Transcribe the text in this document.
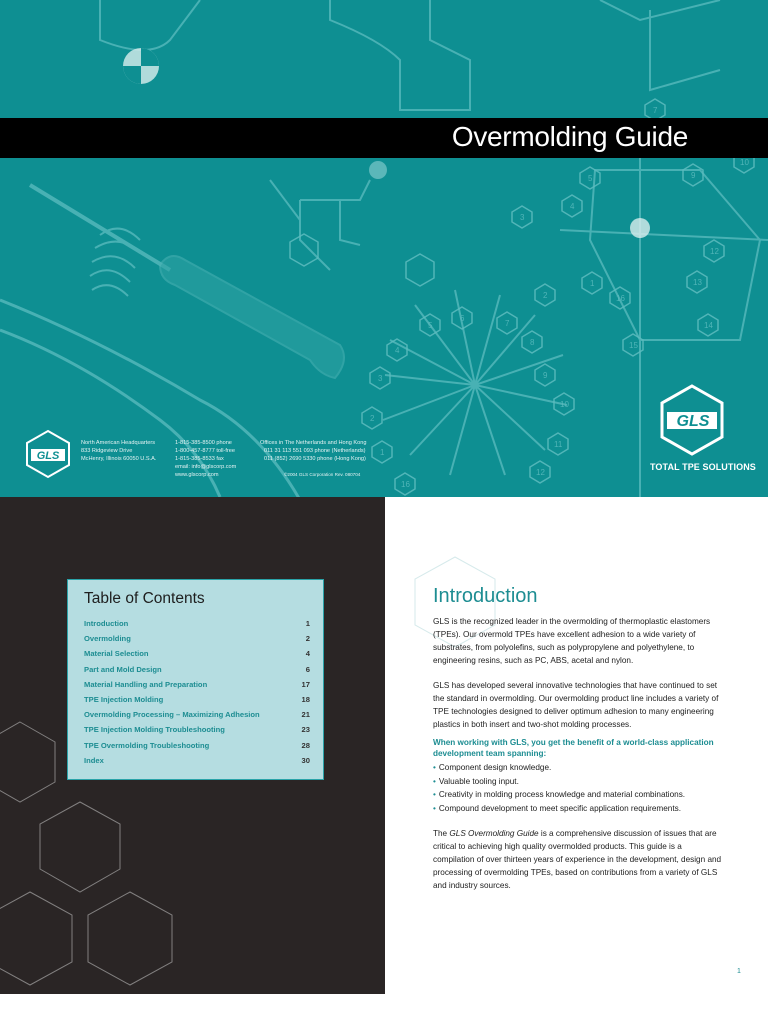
3
4
5
6
7
8
9
10
11
12
2
1
16
3
4
5
2
1
16
15
14
13
12
10
9
7
Overmolding Guide
GLS
North American Headquarters
833 Ridgeview Drive
McHenry, Illinois 60050 U.S.A.
1-815-385-8500 phone
1-800-457-8777 toll-free
1-815-385-8533 fax
email: info@glscorp.com
www.glscorp.com
Offices in The Netherlands and Hong Kong
011 31 113 551 093 phone (Netherlands)
011 (852) 2690 5330 phone (Hong Kong)
©2004 GLS Corporation Rev. 080704
GLS
TOTAL TPE SOLUTIONS
Table of Contents
Introduction	1
Overmolding	2
Material Selection	4
Part and Mold Design	6
Material Handling and Preparation	17
TPE Injection Molding	18
Overmolding Processing – Maximizing Adhesion	21
TPE Injection Molding Troubleshooting	23
TPE Overmolding Troubleshooting	28
Index	30
Introduction
GLS is the recognized leader in the overmolding of thermoplastic elastomers (TPEs). Our overmold TPEs have excellent adhesion to a wide variety of substrates, from polyolefins, such as polypropylene and polyethylene, to engineering resins, such as PC, ABS, acetal and nylon.
GLS has developed several innovative technologies that have continued to set the standard in overmolding. Our overmolding product line includes a variety of TPE technologies designed to deliver optimum adhesion to many engineering plastics in both insert and two-shot molding processes.
When working with GLS, you get the benefit of a world-class application development team spanning:
• Component design knowledge.
• Valuable tooling input.
• Creativity in molding process knowledge and material combinations.
• Compound development to meet specific application requirements.
The GLS Overmolding Guide is a comprehensive discussion of issues that are critical to achieving high quality overmolded products. This guide is a compilation of over thirteen years of experience in the development, design and processing of overmolding TPEs, based on contributions from a variety of GLS and industry sources.
1
